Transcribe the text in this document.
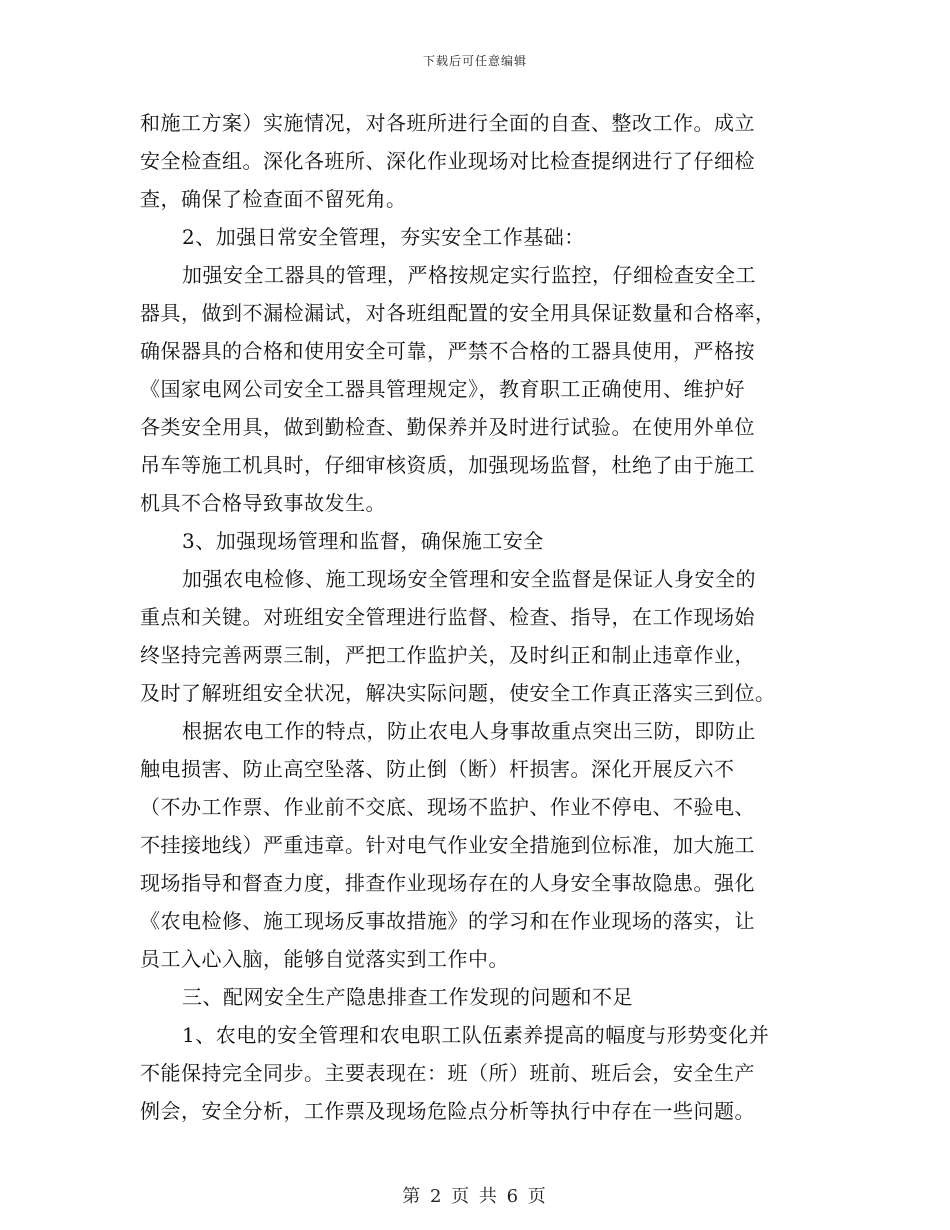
下载后可任意编辑
和施工方案）实施情况，对各班所进行全面的自查、整改工作。成立
安全检查组。深化各班所、深化作业现场对比检查提纲进行了仔细检
查，确保了检查面不留死角。
2、加强日常安全管理，夯实安全工作基础：
加强安全工器具的管理，严格按规定实行监控，仔细检查安全工
器具，做到不漏检漏试，对各班组配置的安全用具保证数量和合格率，
确保器具的合格和使用安全可靠，严禁不合格的工器具使用，严格按
《国家电网公司安全工器具管理规定》，教育职工正确使用、维护好
各类安全用具，做到勤检查、勤保养并及时进行试验。在使用外单位
吊车等施工机具时，仔细审核资质，加强现场监督，杜绝了由于施工
机具不合格导致事故发生。
3、加强现场管理和监督，确保施工安全
加强农电检修、施工现场安全管理和安全监督是保证人身安全的
重点和关键。对班组安全管理进行监督、检查、指导，在工作现场始
终坚持完善两票三制，严把工作监护关，及时纠正和制止违章作业，
及时了解班组安全状况，解决实际问题，使安全工作真正落实三到位。
根据农电工作的特点，防止农电人身事故重点突出三防，即防止
触电损害、防止高空坠落、防止倒（断）杆损害。深化开展反六不
（不办工作票、作业前不交底、现场不监护、作业不停电、不验电、
不挂接地线）严重违章。针对电气作业安全措施到位标准，加大施工
现场指导和督查力度，排查作业现场存在的人身安全事故隐患。强化
《农电检修、施工现场反事故措施》的学习和在作业现场的落实，让
员工入心入脑，能够自觉落实到工作中。
三、配网安全生产隐患排查工作发现的问题和不足
1、农电的安全管理和农电职工队伍素养提高的幅度与形势变化并
不能保持完全同步。主要表现在：班（所）班前、班后会，安全生产
例会，安全分析，工作票及现场危险点分析等执行中存在一些问题。
第 2 页 共 6 页
